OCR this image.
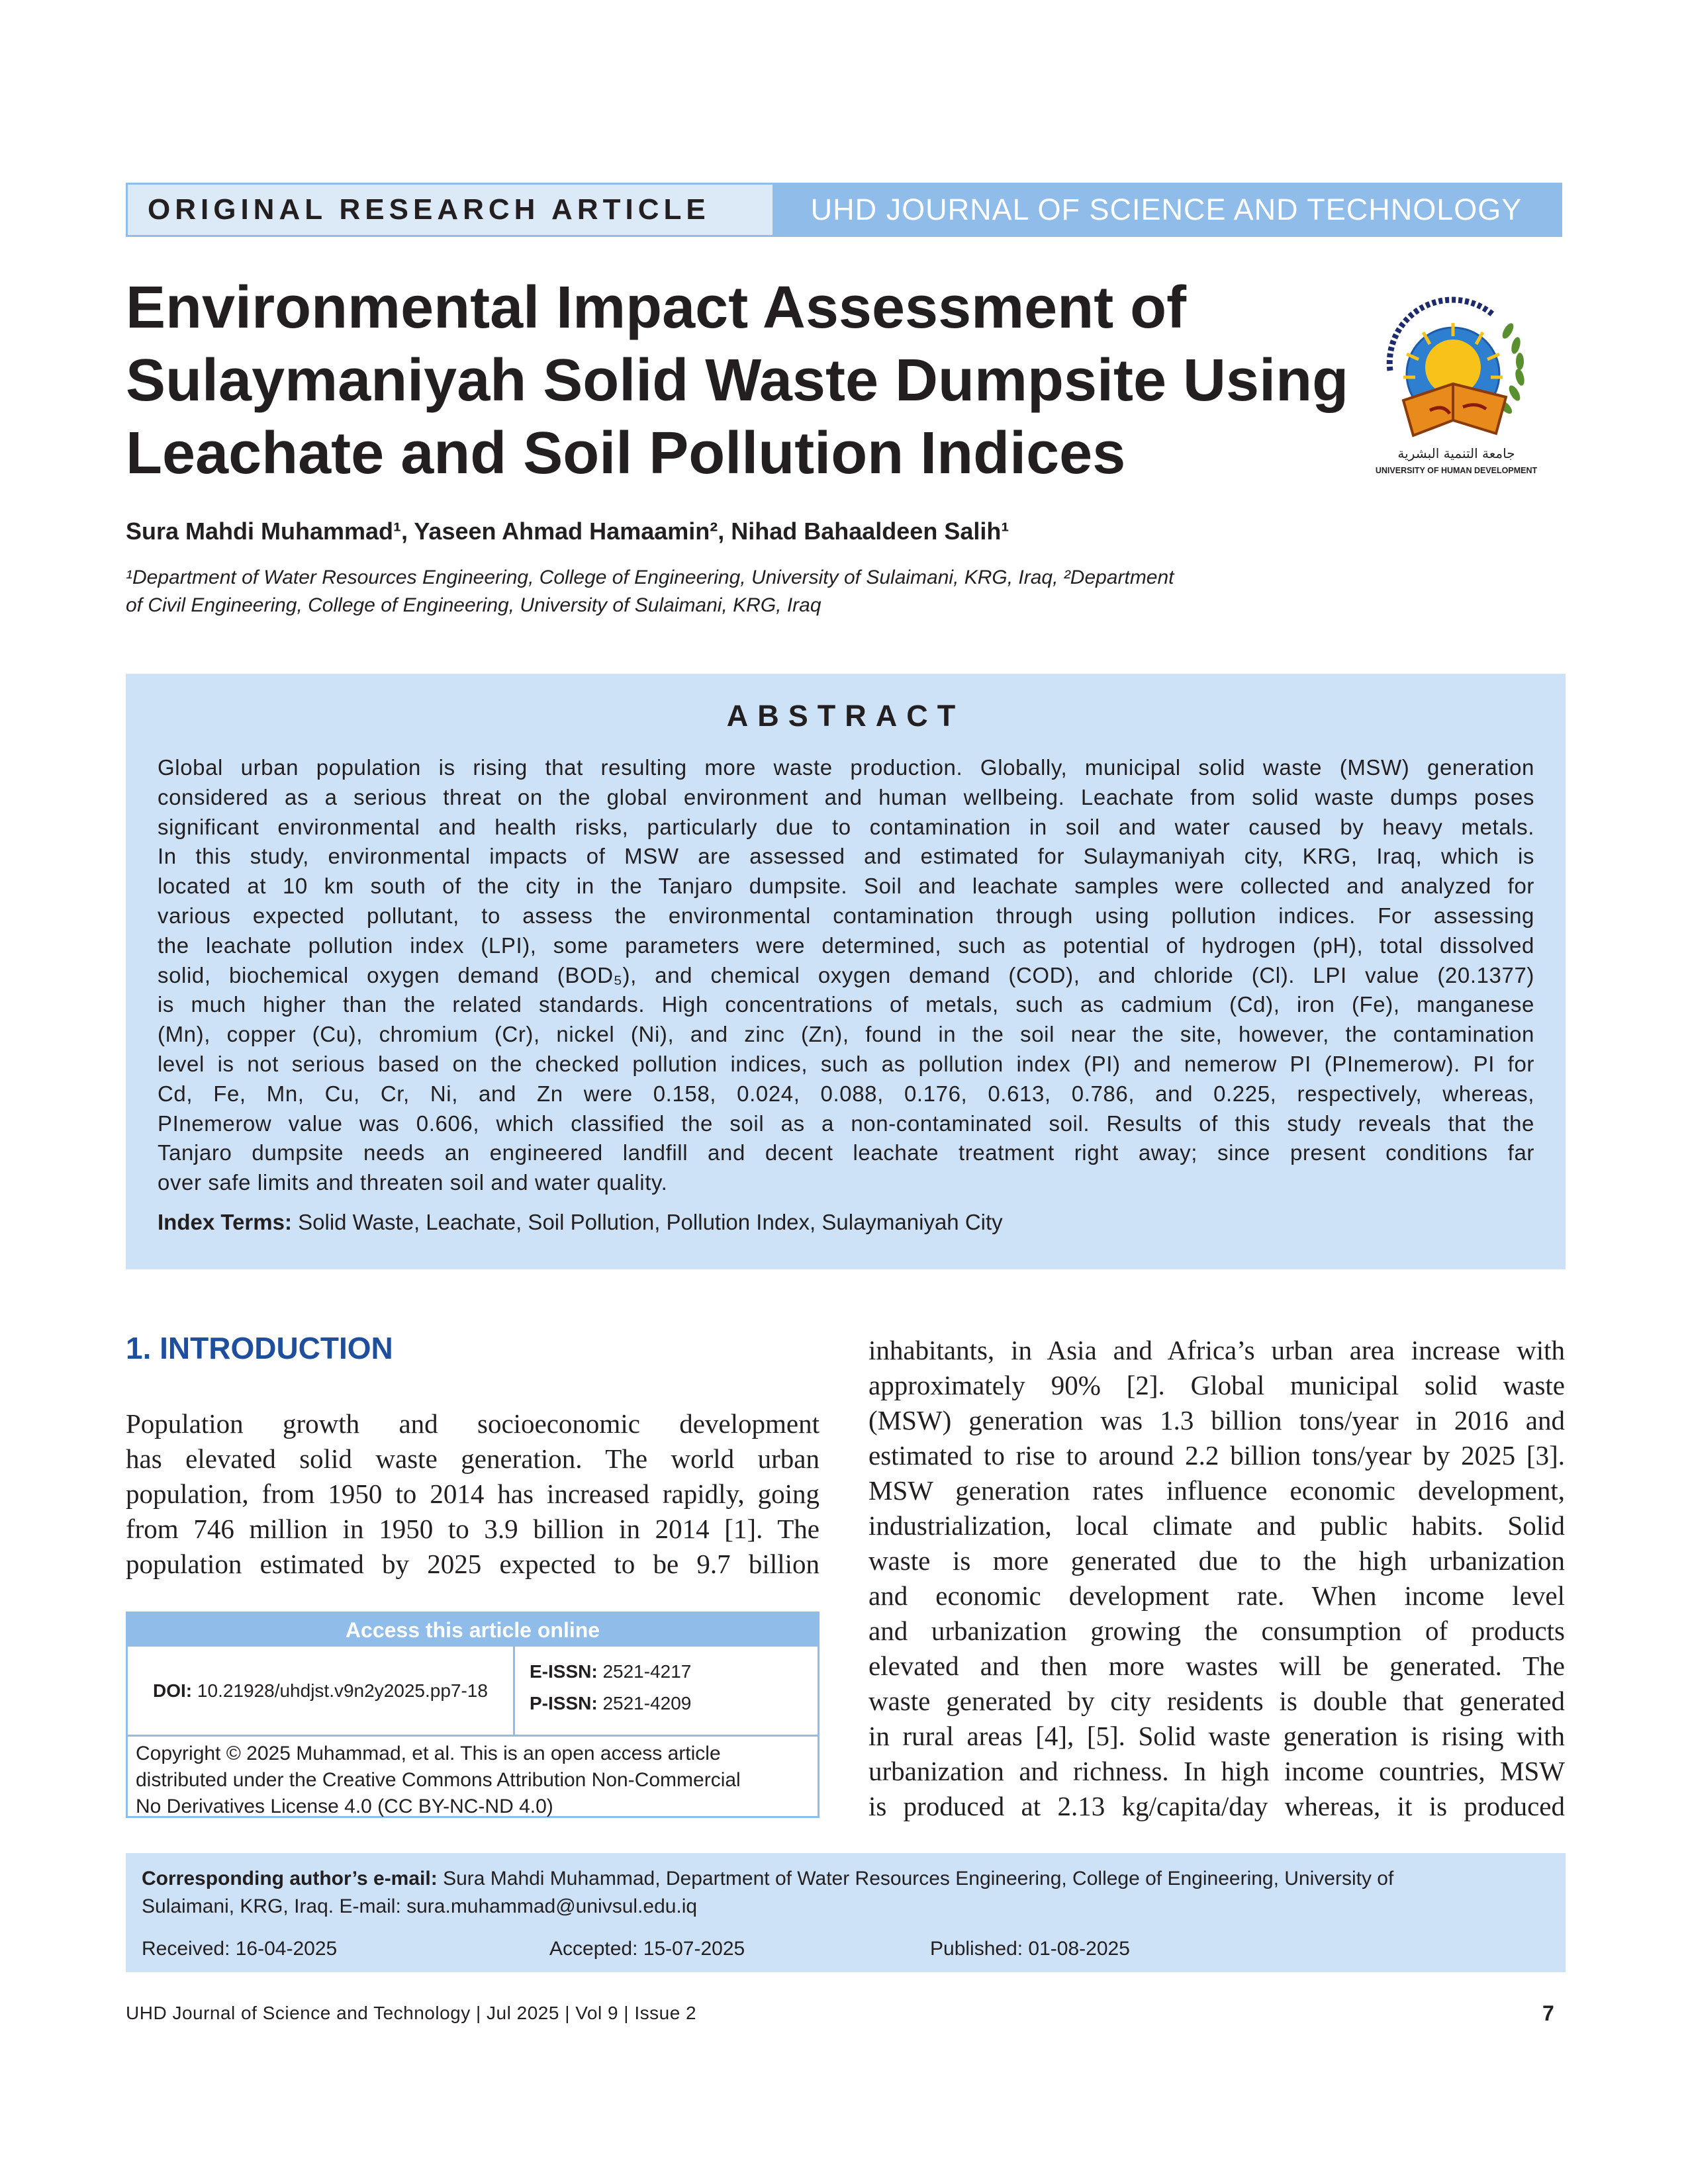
ORIGINAL RESEARCH ARTICLE	UHD JOURNAL OF SCIENCE AND TECHNOLOGY
Environmental Impact Assessment of
Sulaymaniyah Solid Waste Dumpsite Using
Leachate and Soil Pollution Indices	جامعة التنمية البشرية
UNIVERSITY OF HUMAN DEVELOPMENT
Sura Mahdi Muhammad¹, Yaseen Ahmad Hamaamin², Nihad Bahaaldeen Salih¹
¹Department of Water Resources Engineering, College of Engineering, University of Sulaimani, KRG, Iraq, ²Department
of Civil Engineering, College of Engineering, University of Sulaimani, KRG, Iraq
ABSTRACT
Global urban population is rising that resulting more waste production. Globally, municipal solid waste (MSW) generation
considered as a serious threat on the global environment and human wellbeing. Leachate from solid waste dumps poses
significant environmental and health risks, particularly due to contamination in soil and water caused by heavy metals.
In this study, environmental impacts of MSW are assessed and estimated for Sulaymaniyah city, KRG, Iraq, which is
located at 10 km south of the city in the Tanjaro dumpsite. Soil and leachate samples were collected and analyzed for
various expected pollutant, to assess the environmental contamination through using pollution indices. For assessing
the leachate pollution index (LPI), some parameters were determined, such as potential of hydrogen (pH), total dissolved
solid, biochemical oxygen demand (BOD₅), and chemical oxygen demand (COD), and chloride (Cl). LPI value (20.1377)
is much higher than the related standards. High concentrations of metals, such as cadmium (Cd), iron (Fe), manganese
(Mn), copper (Cu), chromium (Cr), nickel (Ni), and zinc (Zn), found in the soil near the site, however, the contamination
level is not serious based on the checked pollution indices, such as pollution index (PI) and nemerow PI (PInemerow). PI for
Cd, Fe, Mn, Cu, Cr, Ni, and Zn were 0.158, 0.024, 0.088, 0.176, 0.613, 0.786, and 0.225, respectively, whereas,
PInemerow value was 0.606, which classified the soil as a non-contaminated soil. Results of this study reveals that the
Tanjaro dumpsite needs an engineered landfill and decent leachate treatment right away; since present conditions far
over safe limits and threaten soil and water quality.
Index Terms: Solid Waste, Leachate, Soil Pollution, Pollution Index, Sulaymaniyah City
1. INTRODUCTION
Population growth and socioeconomic development
has elevated solid waste generation. The world urban
population, from 1950 to 2014 has increased rapidly, going
from 746 million in 1950 to 3.9 billion in 2014 [1]. The
population estimated by 2025 expected to be 9.7 billion
inhabitants, in Asia and Africa’s urban area increase with
approximately 90% [2]. Global municipal solid waste
(MSW) generation was 1.3 billion tons/year in 2016 and
estimated to rise to around 2.2 billion tons/year by 2025 [3].
MSW generation rates influence economic development,
industrialization, local climate and public habits. Solid
waste is more generated due to the high urbanization
and economic development rate. When income level
and urbanization growing the consumption of products
elevated and then more wastes will be generated. The
waste generated by city residents is double that generated
in rural areas [4], [5]. Solid waste generation is rising with
urbanization and richness. In high income countries, MSW
is produced at 2.13 kg/capita/day whereas, it is produced
Access this article online
DOI: 10.21928/uhdjst.v9n2y2025.pp7-18
E-ISSN: 2521-4217
P-ISSN: 2521-4209
Copyright © 2025 Muhammad, et al. This is an open access article
distributed under the Creative Commons Attribution Non-Commercial
No Derivatives License 4.0 (CC BY-NC-ND 4.0)
Corresponding author’s e-mail: Sura Mahdi Muhammad, Department of Water Resources Engineering, College of Engineering, University of
Sulaimani, KRG, Iraq. E-mail: sura.muhammad@univsul.edu.iq
Received: 16-04-2025	Accepted: 15-07-2025	Published: 01-08-2025
UHD Journal of Science and Technology | Jul 2025 | Vol 9 | Issue 2	7
